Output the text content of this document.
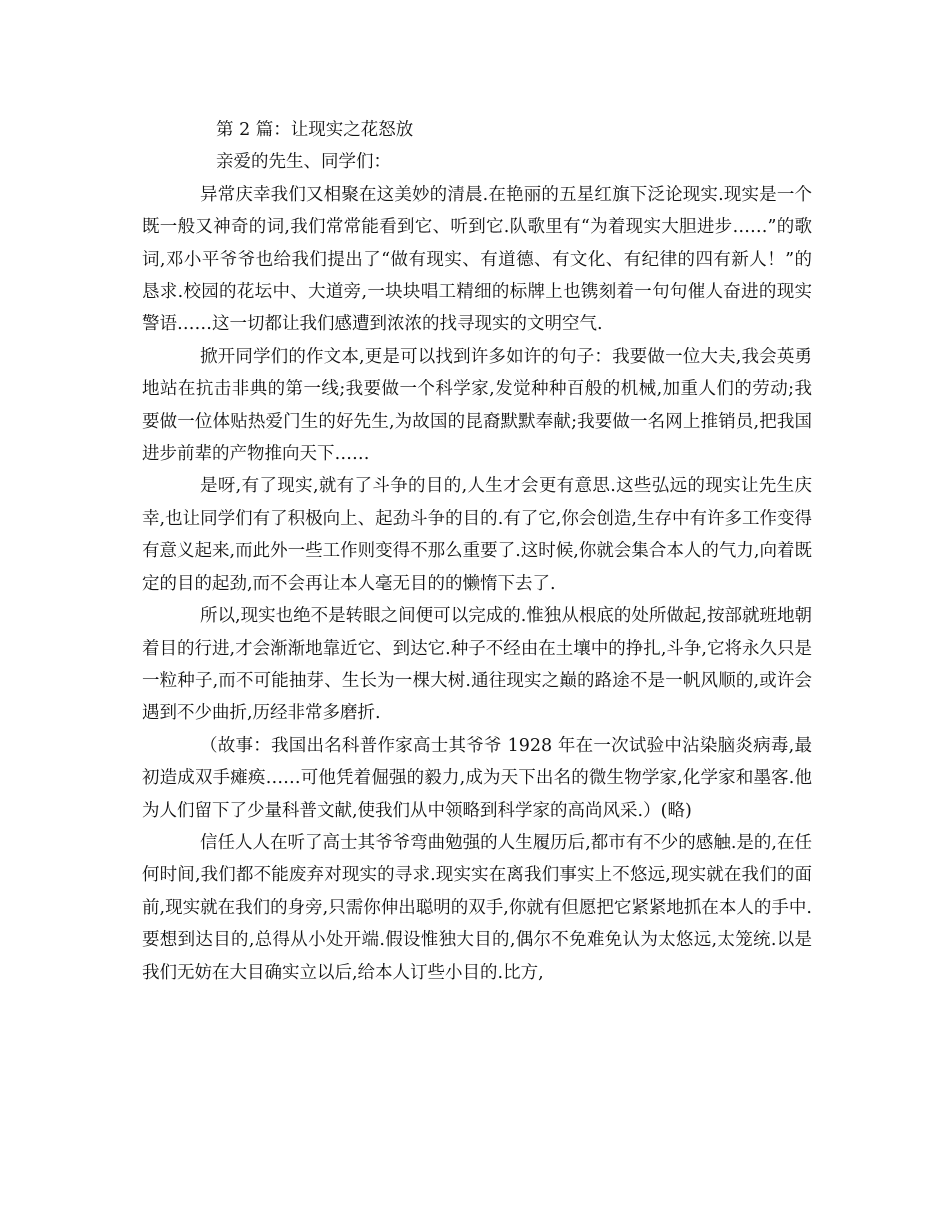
第 2 篇：让现实之花怒放
亲爱的先生、同学们：

异常庆幸我们又相聚在这美妙的清晨.在艳丽的五星红旗下泛论现实.现实是一个既一般又神奇的词,我们常常能看到它、听到它.队歌里有“为着现实大胆进步……”的歌词,邓小平爷爷也给我们提出了“做有现实、有道德、有文化、有纪律的四有新人！”的恳求.校园的花坛中、大道旁,一块块唱工精细的标牌上也镌刻着一句句催人奋进的现实警语……这一切都让我们感遭到浓浓的找寻现实的文明空气.

掀开同学们的作文本,更是可以找到许多如许的句子：我要做一位大夫,我会英勇地站在抗击非典的第一线;我要做一个科学家,发觉种种百般的机械,加重人们的劳动;我要做一位体贴热爱门生的好先生,为故国的昆裔默默奉献;我要做一名网上推销员,把我国进步前辈的产物推向天下……

是呀,有了现实,就有了斗争的目的,人生才会更有意思.这些弘远的现实让先生庆幸,也让同学们有了积极向上、起劲斗争的目的.有了它,你会创造,生存中有许多工作变得有意义起来,而此外一些工作则变得不那么重要了.这时候,你就会集合本人的气力,向着既定的目的起劲,而不会再让本人毫无目的的懒惰下去了.

所以,现实也绝不是转眼之间便可以完成的.惟独从根底的处所做起,按部就班地朝着目的行进,才会渐渐地靠近它、到达它.种子不经由在土壤中的挣扎,斗争,它将永久只是一粒种子,而不可能抽芽、生长为一棵大树.通往现实之巅的路途不是一帆风顺的,或许会遇到不少曲折,历经非常多磨折.

（故事：我国出名科普作家高士其爷爷 1928 年在一次试验中沾染脑炎病毒,最初造成双手瘫痪……可他凭着倔强的毅力,成为天下出名的微生物学家,化学家和墨客.他为人们留下了少量科普文献,使我们从中领略到科学家的高尚风采.）(略)

信任人人在听了高士其爷爷弯曲勉强的人生履历后,都市有不少的感触.是的,在任何时间,我们都不能废弃对现实的寻求.现实实在离我们事实上不悠远,现实就在我们的面前,现实就在我们的身旁,只需你伸出聪明的双手,你就有但愿把它紧紧地抓在本人的手中.要想到达目的,总得从小处开端.假设惟独大目的,偶尔不免难免认为太悠远,太笼统.以是我们无妨在大目确实立以后,给本人订些小目的.比方,
